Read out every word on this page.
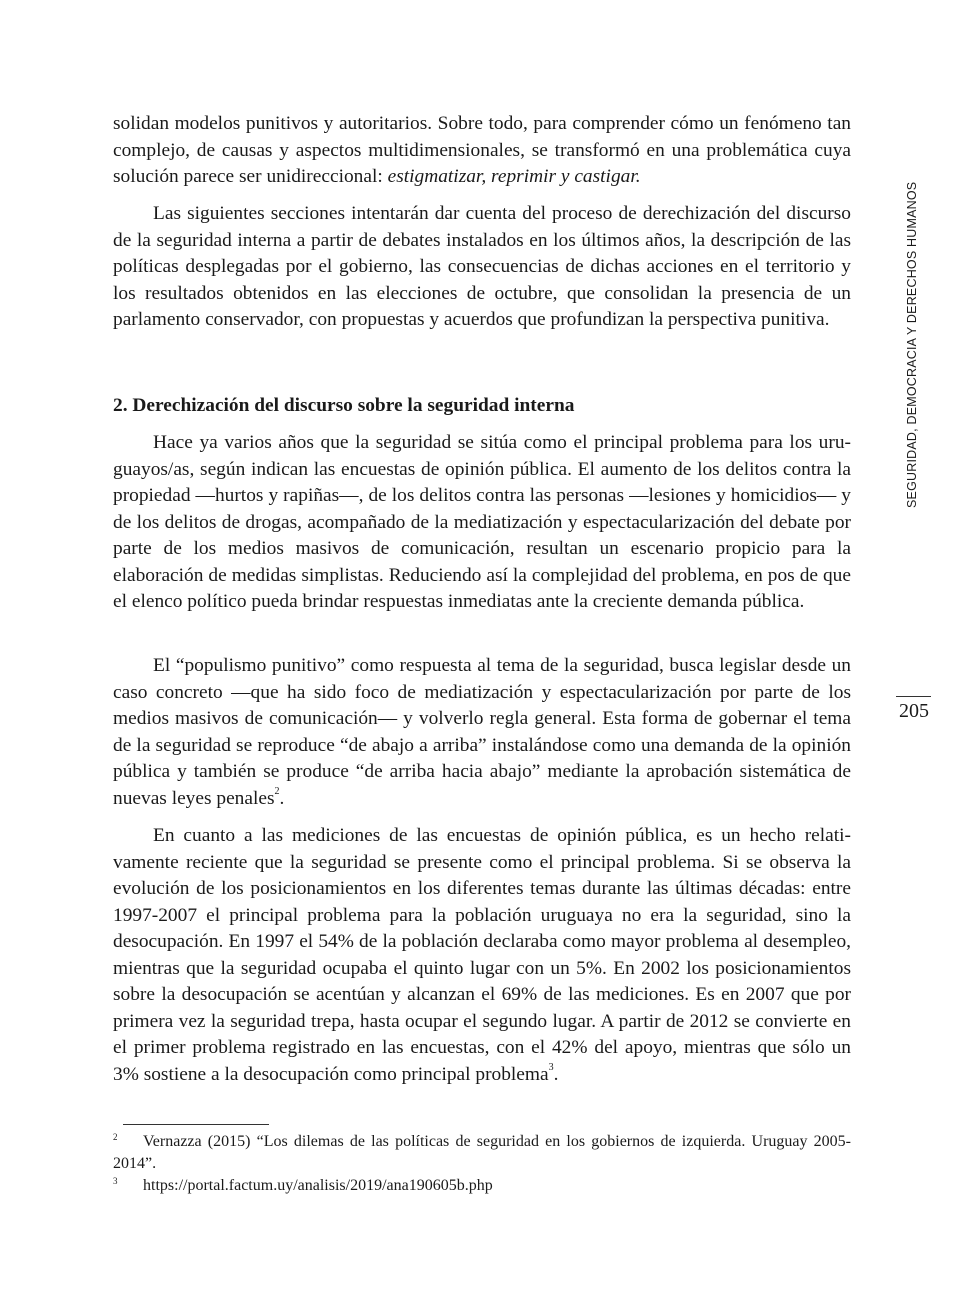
solidan modelos punitivos y autoritarios. Sobre todo, para comprender cómo un fenómeno tan complejo, de causas y aspectos multidimensionales, se transformó en una problemática cuya solución parece ser unidireccional: estigmatizar, reprimir y castigar.

Las siguientes secciones intentarán dar cuenta del proceso de derechización del discurso de la seguridad interna a partir de debates instalados en los últimos años, la descripción de las políticas desplegadas por el gobierno, las consecuencias de dichas acciones en el territorio y los resultados obtenidos en las elecciones de octubre, que consolidan la presencia de un parlamento conservador, con propuestas y acuerdos que profundizan la perspectiva punitiva.

2. Derechización del discurso sobre la seguridad interna

Hace ya varios años que la seguridad se sitúa como el principal problema para los uruguayos/as, según indican las encuestas de opinión pública. El aumento de los delitos contra la propiedad —hurtos y rapiñas—, de los delitos contra las personas —lesiones y homicidios— y de los delitos de drogas, acompañado de la mediatización y espectacularización del debate por parte de los medios masivos de comunicación, resultan un escenario propicio para la elaboración de medidas simplistas. Reduciendo así la complejidad del problema, en pos de que el elenco político pueda brindar respuestas inmediatas ante la creciente demanda pública.

El “populismo punitivo” como respuesta al tema de la seguridad, busca legislar desde un caso concreto —que ha sido foco de mediatización y espectacularización por parte de los medios masivos de comunicación— y volverlo regla general. Esta forma de gobernar el tema de la seguridad se reproduce “de abajo a arriba” instalándose como una demanda de la opinión pública y también se produce “de arriba hacia abajo” mediante la aprobación sistemática de nuevas leyes penales$^2$.

En cuanto a las mediciones de las encuestas de opinión pública, es un hecho relativamente reciente que la seguridad se presente como el principal problema. Si se observa la evolución de los posicionamientos en los diferentes temas durante las últimas décadas: entre 1997-2007 el principal problema para la población uruguaya no era la seguridad, sino la desocupación. En 1997 el 54% de la población declaraba como mayor problema al desempleo, mientras que la seguridad ocupaba el quinto lugar con un 5%. En 2002 los posicionamientos sobre la desocupación se acentúan y alcanzan el 69% de las mediciones. Es en 2007 que por primera vez la seguridad trepa, hasta ocupar el segundo lugar. A partir de 2012 se convierte en el primer problema registrado en las encuestas, con el 42% del apoyo, mientras que sólo un 3% sostiene a la desocupación como principal problema$^3$.

2 Vernazza (2015) “Los dilemas de las políticas de seguridad en los gobiernos de izquierda. Uruguay 2005-2014”.
3 https://portal.factum.uy/analisis/2019/ana190605b.php
SEGURIDAD, DEMOCRACIA Y DERECHOS HUMANOS
205
